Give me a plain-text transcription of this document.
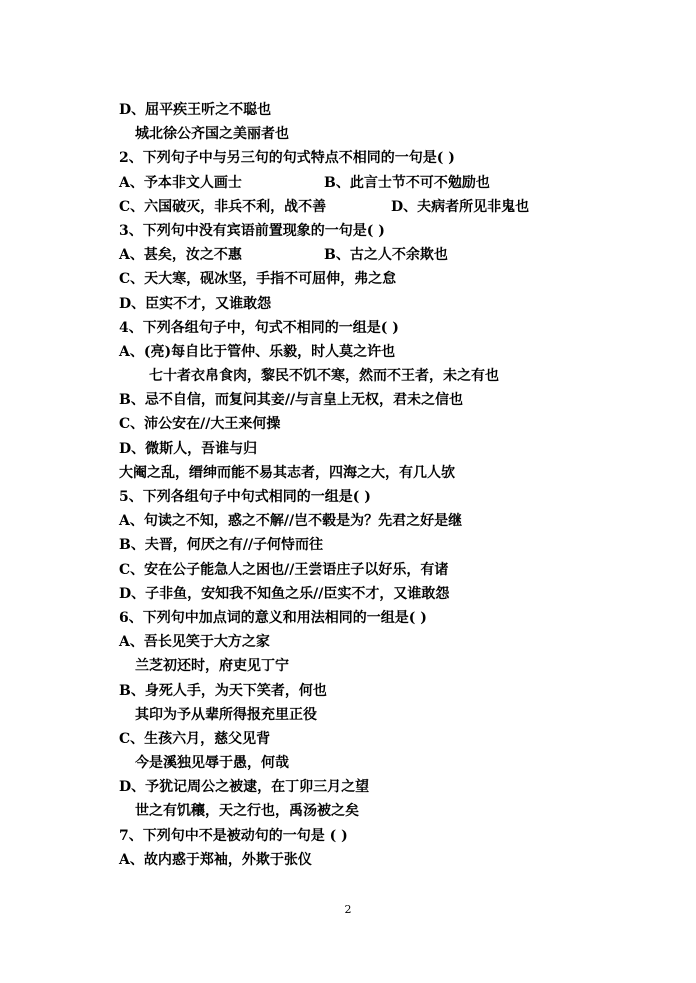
D、屈平疾王听之不聪也
城北徐公齐国之美丽者也
2、下列句子中与另三句的句式特点不相同的一句是( )
A、予本非文人画士	B、此言士节不可不勉励也
C、六国破灭，非兵不利，战不善	D、夫病者所见非鬼也
3、下列句中没有宾语前置现象的一句是( )
A、甚矣，汝之不惠	B、古之人不余欺也
C、天大寒，砚冰坚，手指不可屈伸，弗之怠
D、臣实不才，又谁敢怨
4、下列各组句子中，句式不相同的一组是( )
A、(亮)每自比于管仲、乐毅，时人莫之许也
七十者衣帛食肉，黎民不饥不寒，然而不王者，未之有也
B、忌不自信，而复问其妾//与言皇上无权，君未之信也
C、沛公安在//大王来何操
D、微斯人，吾谁与归
大阉之乱，缙绅而能不易其志者，四海之大，有几人欤
5、下列各组句子中句式相同的一组是( )
A、句读之不知，惑之不解//岂不毂是为？先君之好是继
B、夫晋，何厌之有//子何恃而往
C、安在公子能急人之困也//王尝语庄子以好乐，有诸
D、子非鱼，安知我不知鱼之乐//臣实不才，又谁敢怨
6、下列句中加点词的意义和用法相同的一组是( )
A、吾长见笑于大方之家
兰芝初还时，府吏见丁宁
B、身死人手，为天下笑者，何也
其印为予从辈所得报充里正役
C、生孩六月，慈父见背
今是溪独见辱于愚，何哉
D、予犹记周公之被逮，在丁卯三月之望
世之有饥穰，天之行也，禹汤被之矣
7、下列句中不是被动句的一句是 ( )
A、故内惑于郑袖，外欺于张仪
2
